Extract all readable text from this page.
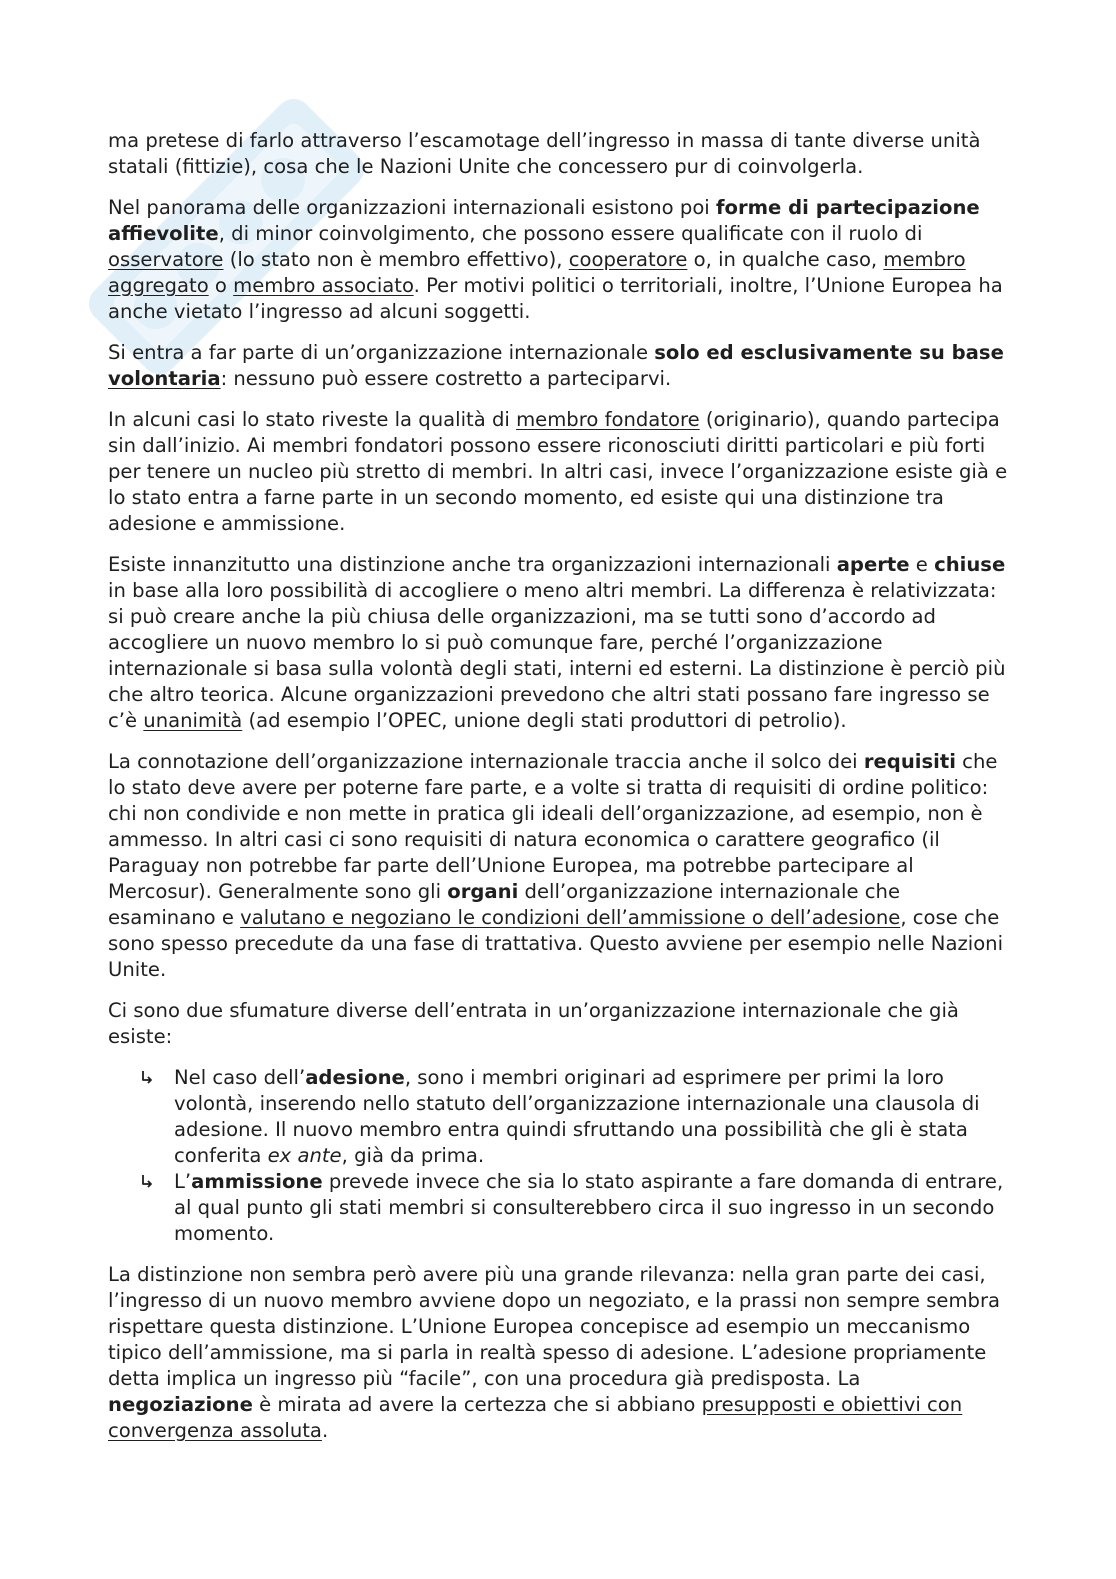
ma pretese di farlo attraverso l’escamotage dell’ingresso in massa di tante diverse unità statali (fittizie), cosa che le Nazioni Unite che concessero pur di coinvolgerla.

Nel panorama delle organizzazioni internazionali esistono poi forme di partecipazione affievolite, di minor coinvolgimento, che possono essere qualificate con il ruolo di osservatore (lo stato non è membro effettivo), cooperatore o, in qualche caso, membro aggregato o membro associato. Per motivi politici o territoriali, inoltre, l’Unione Europea ha anche vietato l’ingresso ad alcuni soggetti.

Si entra a far parte di un’organizzazione internazionale solo ed esclusivamente su base volontaria: nessuno può essere costretto a parteciparvi.

In alcuni casi lo stato riveste la qualità di membro fondatore (originario), quando partecipa sin dall’inizio. Ai membri fondatori possono essere riconosciuti diritti particolari e più forti per tenere un nucleo più stretto di membri. In altri casi, invece l’organizzazione esiste già e lo stato entra a farne parte in un secondo momento, ed esiste qui una distinzione tra adesione e ammissione.

Esiste innanzitutto una distinzione anche tra organizzazioni internazionali aperte e chiuse in base alla loro possibilità di accogliere o meno altri membri. La differenza è relativizzata: si può creare anche la più chiusa delle organizzazioni, ma se tutti sono d’accordo ad accogliere un nuovo membro lo si può comunque fare, perché l’organizzazione internazionale si basa sulla volontà degli stati, interni ed esterni. La distinzione è perciò più che altro teorica. Alcune organizzazioni prevedono che altri stati possano fare ingresso se c’è unanimità (ad esempio l’OPEC, unione degli stati produttori di petrolio).

La connotazione dell’organizzazione internazionale traccia anche il solco dei requisiti che lo stato deve avere per poterne fare parte, e a volte si tratta di requisiti di ordine politico: chi non condivide e non mette in pratica gli ideali dell’organizzazione, ad esempio, non è ammesso. In altri casi ci sono requisiti di natura economica o carattere geografico (il Paraguay non potrebbe far parte dell’Unione Europea, ma potrebbe partecipare al Mercosur). Generalmente sono gli organi dell’organizzazione internazionale che esaminano e valutano e negoziano le condizioni dell’ammissione o dell’adesione, cose che sono spesso precedute da una fase di trattativa. Questo avviene per esempio nelle Nazioni Unite.

Ci sono due sfumature diverse dell’entrata in un’organizzazione internazionale che già esiste:

Nel caso dell’adesione, sono i membri originari ad esprimere per primi la loro volontà, inserendo nello statuto dell’organizzazione internazionale una clausola di adesione. Il nuovo membro entra quindi sfruttando una possibilità che gli è stata conferita ex ante, già da prima.
L’ammissione prevede invece che sia lo stato aspirante a fare domanda di entrare, al qual punto gli stati membri si consulterebbero circa il suo ingresso in un secondo momento.

La distinzione non sembra però avere più una grande rilevanza: nella gran parte dei casi, l’ingresso di un nuovo membro avviene dopo un negoziato, e la prassi non sempre sembra rispettare questa distinzione. L’Unione Europea concepisce ad esempio un meccanismo tipico dell’ammissione, ma si parla in realtà spesso di adesione. L’adesione propriamente detta implica un ingresso più “facile”, con una procedura già predisposta. La negoziazione è mirata ad avere la certezza che si abbiano presupposti e obiettivi con convergenza assoluta.
